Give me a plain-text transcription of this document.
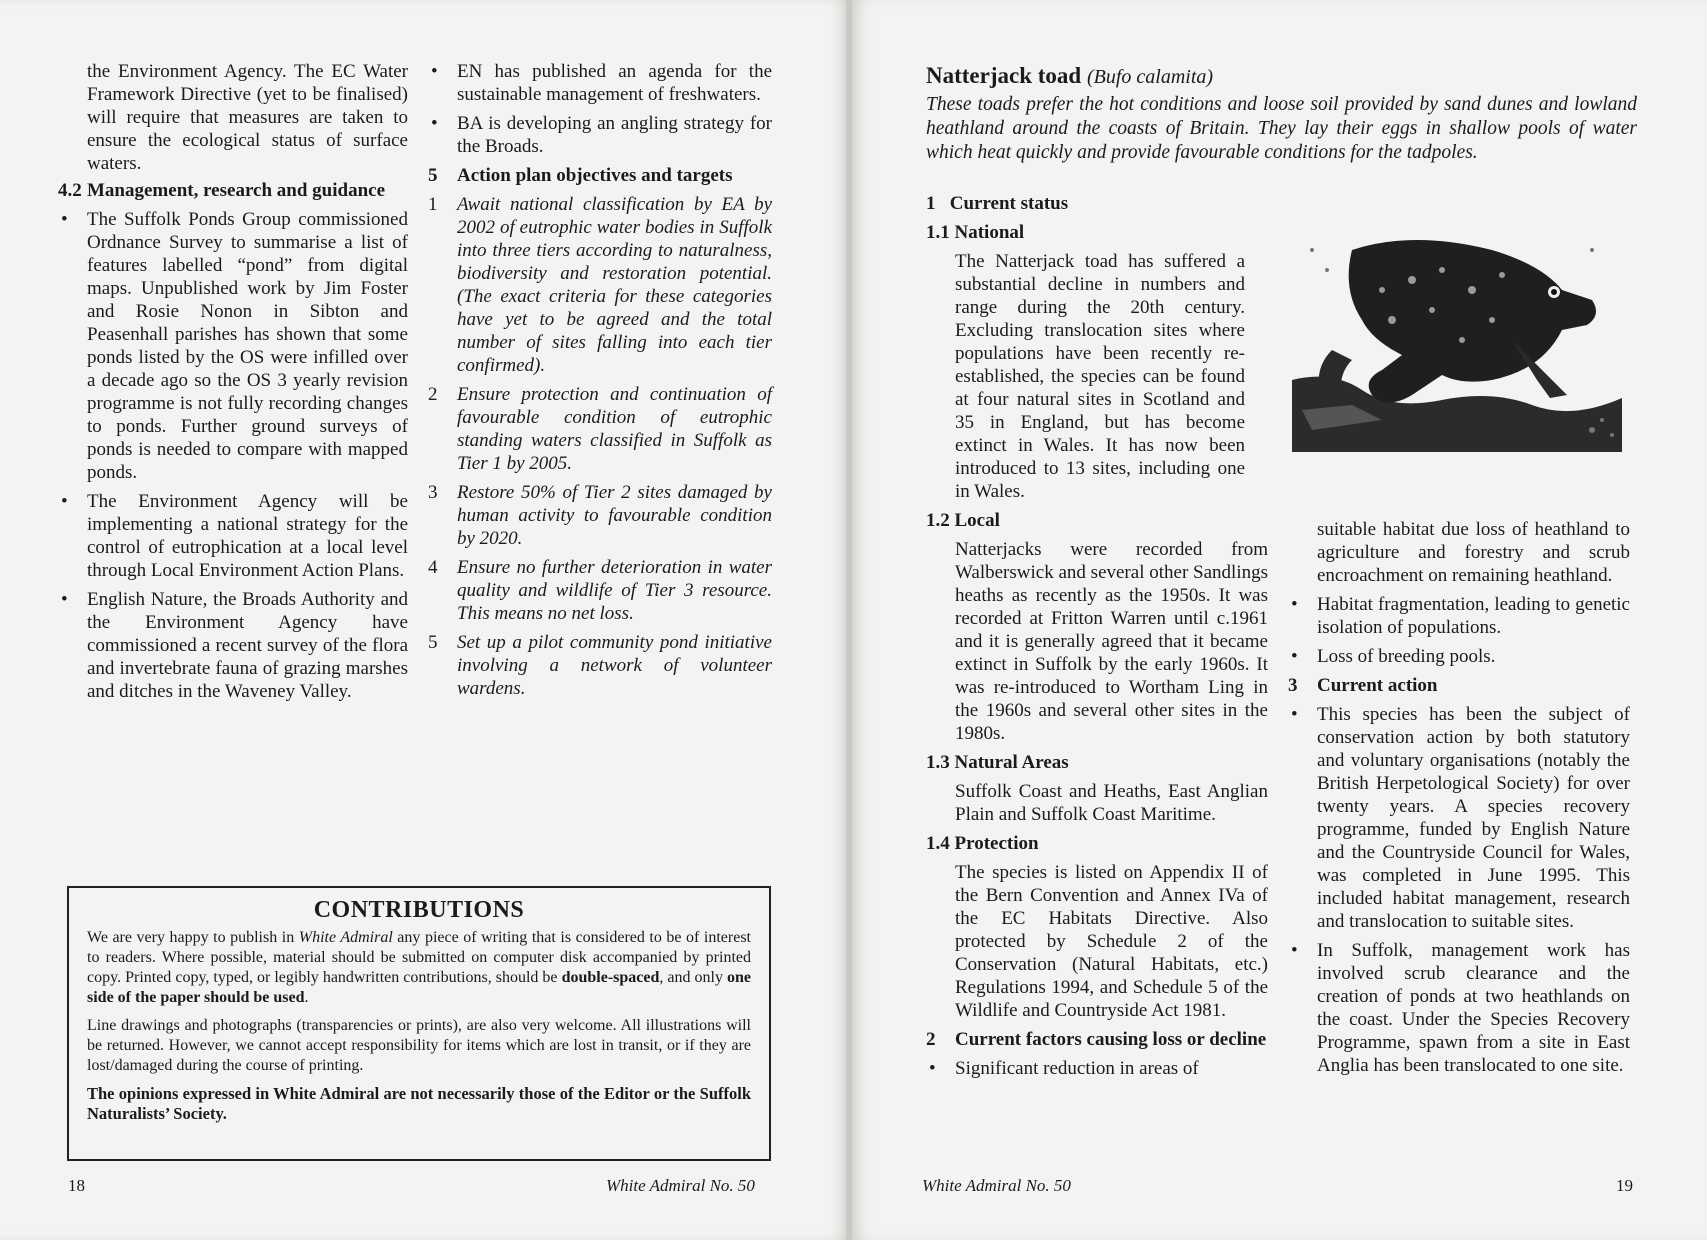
the Environment Agency. The EC Water Framework Directive (yet to be finalised) will require that measures are taken to ensure the ecological status of surface waters.

4.2 Management, research and guidance
• The Suffolk Ponds Group commissioned Ordnance Survey to summarise a list of features labelled “pond” from digital maps. Unpublished work by Jim Foster and Rosie Nonon in Sibton and Peasenhall parishes has shown that some ponds listed by the OS were infilled over a decade ago so the OS 3 yearly revision programme is not fully recording changes to ponds. Further ground surveys of ponds is needed to compare with mapped ponds.
• The Environment Agency will be implementing a national strategy for the control of eutrophication at a local level through Local Environment Action Plans.
• English Nature, the Broads Authority and the Environment Agency have commissioned a recent survey of the flora and invertebrate fauna of grazing marshes and ditches in the Waveney Valley.
• EN has published an agenda for the sustainable management of freshwaters.
• BA is developing an angling strategy for the Broads.
5	Action plan objectives and targets
1	Await national classification by EA by 2002 of eutrophic water bodies in Suffolk into three tiers according to naturalness, biodiversity and restoration potential. (The exact criteria for these categories have yet to be agreed and the total number of sites falling into each tier confirmed).
2	Ensure protection and continuation of favourable condition of eutrophic standing waters classified in Suffolk as Tier 1 by 2005.
3	Restore 50% of Tier 2 sites damaged by human activity to favourable condition by 2020.
4	Ensure no further deterioration in water quality and wildlife of Tier 3 resource. This means no net loss.
5	Set up a pilot community pond initiative involving a network of volunteer wardens.
CONTRIBUTIONS

We are very happy to publish in White Admiral any piece of writing that is considered to be of interest to readers. Where possible, material should be submitted on computer disk accompanied by printed copy. Printed copy, typed, or legibly handwritten contributions, should be double-spaced, and only one side of the paper should be used.

Line drawings and photographs (transparencies or prints), are also very welcome. All illustrations will be returned. However, we cannot accept responsibility for items which are lost in transit, or if they are lost/damaged during the course of printing.

The opinions expressed in White Admiral are not necessarily those of the Editor or the Suffolk Naturalists’ Society.

18	White Admiral No. 50
Natterjack toad (Bufo calamita)

These toads prefer the hot conditions and loose soil provided by sand dunes and lowland heathland around the coasts of Britain. They lay their eggs in shallow pools of water which heat quickly and provide favourable conditions for the tadpoles.

1   Current status
1.1 National

The Natterjack toad has suffered a substantial decline in numbers and range during the 20th century. Excluding translocation sites where populations have been recently re-established, the species can be found at four natural sites in Scotland and 35 in England, but has become extinct in Wales. It has now been introduced to 13 sites, including one in Wales.

1.2 Local

Natterjacks were recorded from Walberswick and several other Sandlings heaths as recently as the 1950s. It was recorded at Fritton Warren until c.1961 and it is generally agreed that it became extinct in Suffolk by the early 1960s. It was re-introduced to Wortham Ling in the 1960s and several other sites in the 1980s.

1.3 Natural Areas

Suffolk Coast and Heaths, East Anglian Plain and Suffolk Coast Maritime.

1.4 Protection

The species is listed on Appendix II of the Bern Convention and Annex IVa of the EC Habitats Directive. Also protected by Schedule 2 of the Conservation (Natural Habitats, etc.) Regulations 1994, and Schedule 5 of the Wildlife and Countryside Act 1981.

2	Current factors causing loss or decline
• Significant reduction in areas of

suitable habitat due loss of heathland to agriculture and forestry and scrub encroachment on remaining heathland.

• Habitat fragmentation, leading to genetic isolation of populations.
• Loss of breeding pools.
3	Current action
• This species has been the subject of conservation action by both statutory and voluntary organisations (notably the British Herpetological Society) for over twenty years. A species recovery programme, funded by English Nature and the Countryside Council for Wales, was completed in June 1995. This included habitat management, research and translocation to suitable sites.
• In Suffolk, management work has involved scrub clearance and the creation of ponds at two heathlands on the coast. Under the Species Recovery Programme, spawn from a site in East Anglia has been translocated to one site.
White Admiral No. 50	19
